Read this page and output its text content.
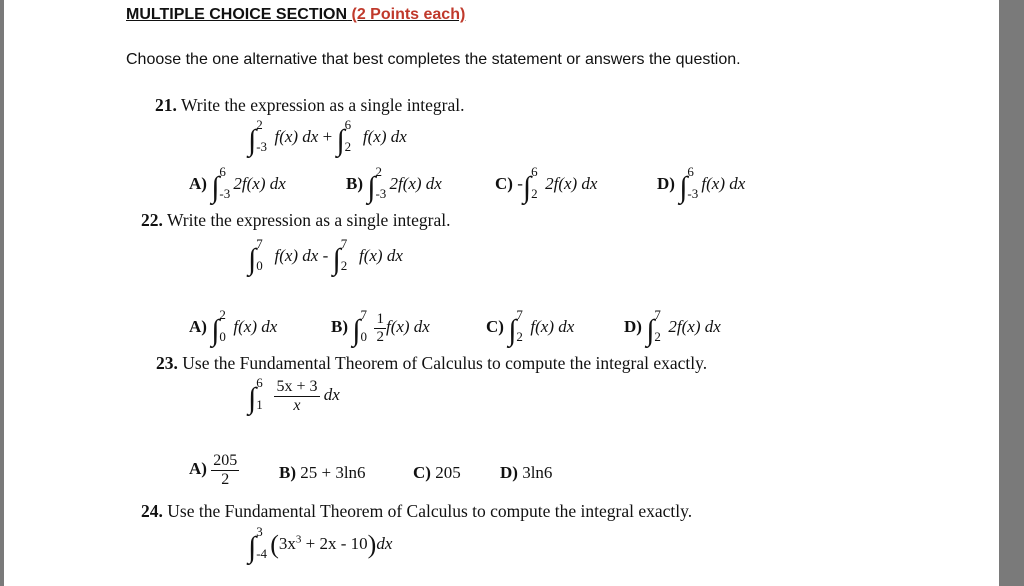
MULTIPLE CHOICE SECTION (2 Points each)
Choose the one alternative that best completes the statement or answers the question.
21. Write the expression as a single integral.
∫ 2
-3
f(x) dx + ∫ 6
2
f(x) dx
A) ∫ 6
-3
2f(x) dx	B) ∫ 2
-3
2f(x) dx	C) -∫ 6
2
2f(x) dx	D) ∫ 6
-3
f(x) dx
22. Write the expression as a single integral.
∫ 7
0
f(x) dx - ∫ 7
2
f(x) dx
A) ∫ 2
0
f(x) dx	B) ∫ 7
$0 \frac{1}{2} f(x)$ dx	C) ∫ 7
2
f(x) dx	D) ∫ 7
2
2f(x) dx
23. Use the Fundamental Theorem of Calculus to compute the integral exactly.
∫ 6
1
$\frac{5x + 3}{x}$ dx
$A) \frac{205}{2} B$) 25 + 3ln6	C) 205 D) 3ln6
24. Use the Fundamental Theorem of Calculus to compute the integral exactly.
∫ 3
-4 $(3x^3 + 2x - 10)dx$
